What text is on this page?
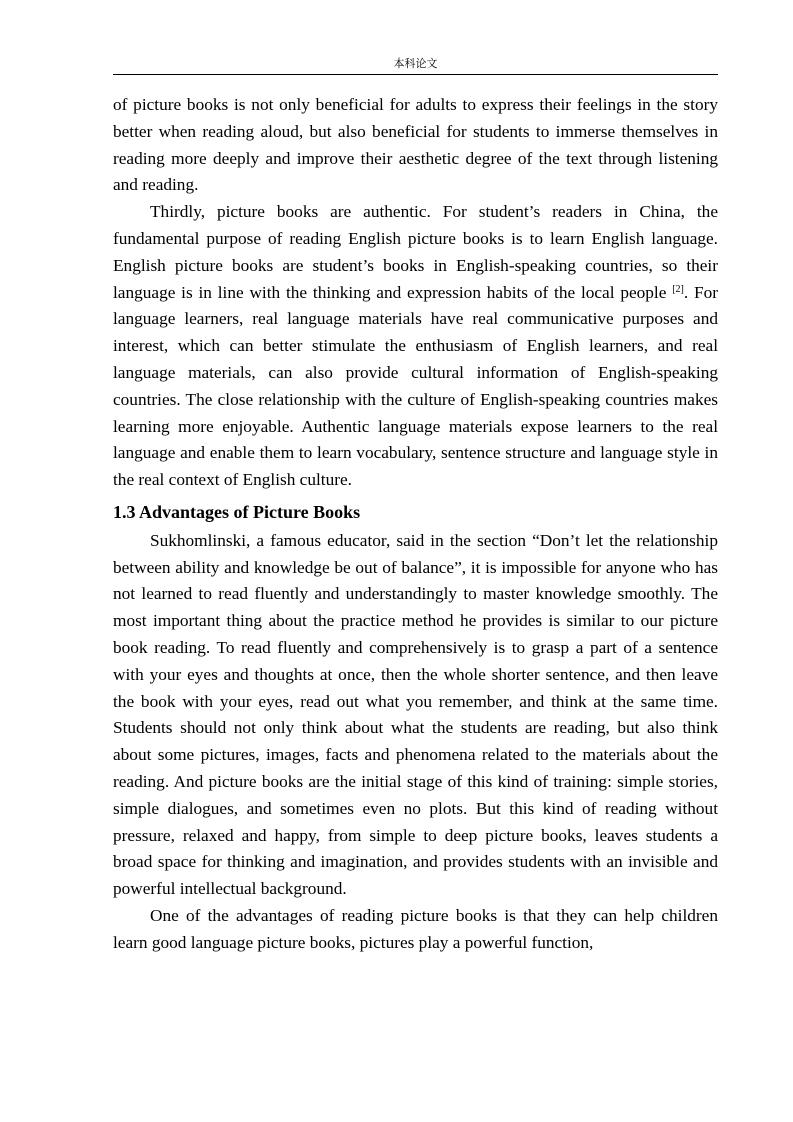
本科论文

of picture books is not only beneficial for adults to express their feelings in the story better when reading aloud, but also beneficial for students to immerse themselves in reading more deeply and improve their aesthetic degree of the text through listening and reading.

Thirdly, picture books are authentic. For student’s readers in China, the fundamental purpose of reading English picture books is to learn English language. English picture books are student’s books in English-speaking countries, so their language is in line with the thinking and expression habits of the local people [2]. For language learners, real language materials have real communicative purposes and interest, which can better stimulate the enthusiasm of English learners, and real language materials, can also provide cultural information of English-speaking countries. The close relationship with the culture of English-speaking countries makes learning more enjoyable. Authentic language materials expose learners to the real language and enable them to learn vocabulary, sentence structure and language style in the real context of English culture.

1.3 Advantages of Picture Books

Sukhomlinski, a famous educator, said in the section “Don’t let the relationship between ability and knowledge be out of balance”, it is impossible for anyone who has not learned to read fluently and understandingly to master knowledge smoothly. The most important thing about the practice method he provides is similar to our picture book reading. To read fluently and comprehensively is to grasp a part of a sentence with your eyes and thoughts at once, then the whole shorter sentence, and then leave the book with your eyes, read out what you remember, and think at the same time. Students should not only think about what the students are reading, but also think about some pictures, images, facts and phenomena related to the materials about the reading. And picture books are the initial stage of this kind of training: simple stories, simple dialogues, and sometimes even no plots. But this kind of reading without pressure, relaxed and happy, from simple to deep picture books, leaves students a broad space for thinking and imagination, and provides students with an invisible and powerful intellectual background.

One of the advantages of reading picture books is that they can help children learn good language picture books, pictures play a powerful function,
